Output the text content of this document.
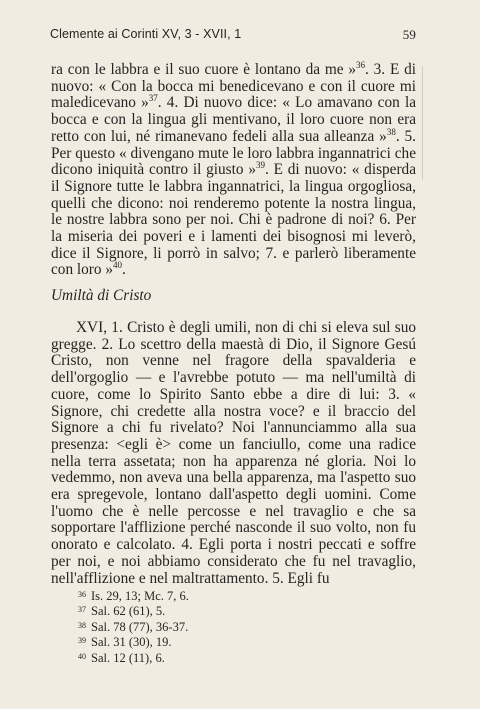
Clemente ai Corinti XV, 3 - XVII, 1	59
ra con le labbra e il suo cuore è lontano da me »$^{36}$. 3. E di nuovo: « Con la bocca mi benedicevano e con il cuore mi maledicevano »$^{37}$. 4. Di nuovo dice: « Lo amavano con la bocca e con la lingua gli mentivano, il loro cuore non era retto con lui, né rimanevano fedeli alla sua alleanza »$^{38}$. 5. Per questo « divengano mute le loro labbra ingannatrici che dicono iniquità contro il giusto »$^{39}$. E di nuovo: « disperda il Signore tutte le labbra ingannatrici, la lingua orgogliosa, quelli che dicono: noi renderemo potente la nostra lingua, le nostre labbra sono per noi. Chi è padrone di noi? 6. Per la miseria dei poveri e i lamenti dei bisognosi mi leverò, dice il Signore, li porrò in salvo; 7. e parlerò liberamente con loro »$^{40}$.
Umiltà di Cristo
XVI, 1. Cristo è degli umili, non di chi si eleva sul suo gregge. 2. Lo scettro della maestà di Dio, il Signore Gesú Cristo, non venne nel fragore della spavalderia e dell'orgoglio — e l'avrebbe potuto — ma nell'umiltà di cuore, come lo Spirito Santo ebbe a dire di lui: 3. « Signore, chi credette alla nostra voce? e il braccio del Signore a chi fu rivelato? Noi l'annunciammo alla sua presenza: <egli è> come un fanciullo, come una radice nella terra assetata; non ha apparenza né gloria. Noi lo vedemmo, non aveva una bella apparenza, ma l'aspetto suo era spregevole, lontano dall'aspetto degli uomini. Come l'uomo che è nelle percosse e nel travaglio e che sa sopportare l'afflizione perché nasconde il suo volto, non fu onorato e calcolato. 4. Egli porta i nostri peccati e soffre per noi, e noi abbiamo considerato che fu nel travaglio, nell'afflizione e nel maltrattamento. 5. Egli fu
$^{36}$ Is. 29, 13; Mc. 7, 6.
$^{37}$ Sal. 62 (61), 5.
$^{38}$ Sal. 78 (77), 36-37.
$^{39}$ Sal. 31 (30), 19.
$^{40}$ Sal. 12 (11), 6.
